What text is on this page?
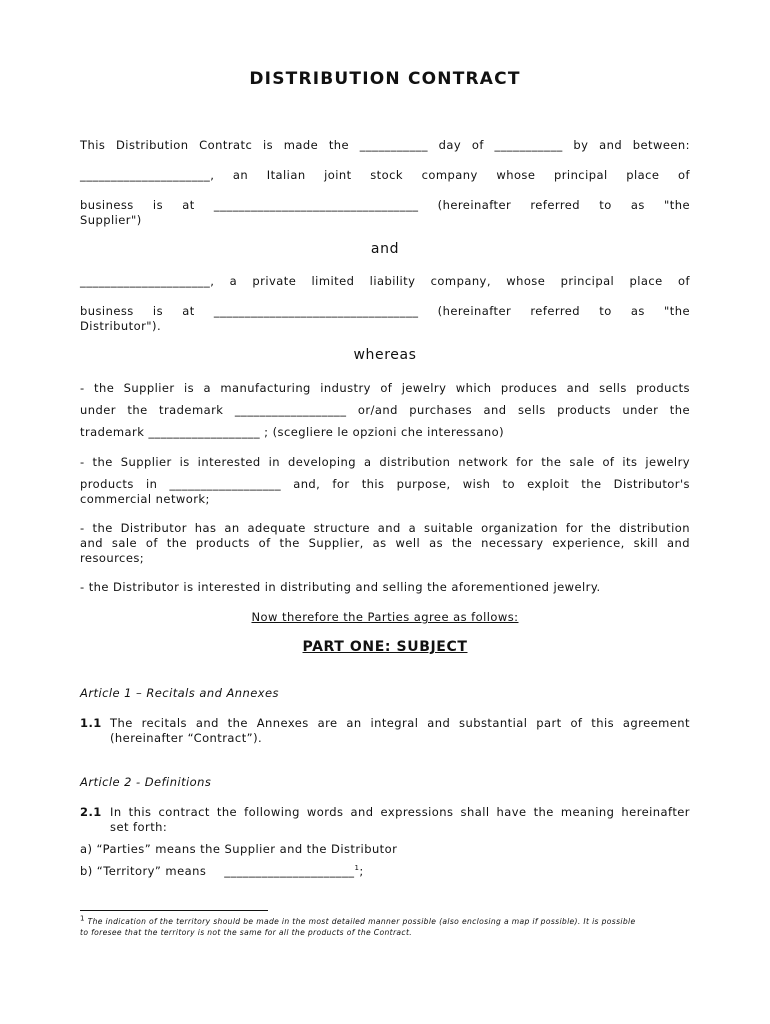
DISTRIBUTION CONTRACT
This Distribution Contratc is made the ___________ day of ___________ by and between:
_____________________, an Italian joint stock company whose principal place of
business is at _________________________________ (hereinafter referred to as "the
Supplier")
and
_____________________, a private limited liability company, whose principal place of
business is at _________________________________ (hereinafter referred to as "the
Distributor").
whereas
- the Supplier is a manufacturing industry of jewelry which produces and sells products
under the trademark __________________ or/and purchases and sells products under the
trademark __________________ ; (scegliere le opzioni che interessano)
- the Supplier is interested in developing a distribution network for the sale of its jewelry
products in __________________ and, for this purpose, wish to exploit the Distributor's
commercial network;
- the Distributor has an adequate structure and a suitable organization for the distribution
and sale of the products of the Supplier, as well as the necessary experience, skill and
resources;
- the Distributor is interested in distributing and selling the aforementioned jewelry.
Now therefore the Parties agree as follows:
PART ONE: SUBJECT
Article 1 – Recitals and Annexes
1.1 The recitals and the Annexes are an integral and substantial part of this agreement
(hereinafter “Contract”).
Article 2 - Definitions
2.1 In this contract the following words and expressions shall have the meaning hereinafter
set forth:
a) “Parties” means the Supplier and the Distributor
b) “Territory” means _____________________$^1$;
$^1$ The indication of the territory should be made in the most detailed manner possible (also enclosing a map if possible). It is possible
to foresee that the territory is not the same for all the products of the Contract.
